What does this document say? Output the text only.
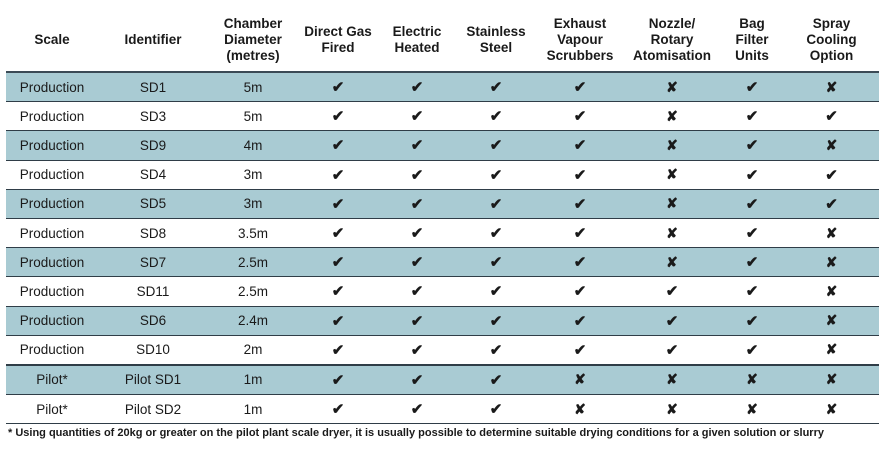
Scale	Identifier	Chamber Diameter (metres)	Direct Gas Fired	Electric Heated	Stainless Steel	Exhaust Vapour Scrubbers	Nozzle/ Rotary Atomisation	Bag Filter Units	Spray Cooling Option
Production	SD1	5m	✔	✔	✔	✔	✘	✔	✘
Production	SD3	5m	✔	✔	✔	✔	✘	✔	✔
Production	SD9	4m	✔	✔	✔	✔	✘	✔	✘
Production	SD4	3m	✔	✔	✔	✔	✘	✔	✔
Production	SD5	3m	✔	✔	✔	✔	✘	✔	✔
Production	SD8	3.5m	✔	✔	✔	✔	✘	✔	✘
Production	SD7	2.5m	✔	✔	✔	✔	✘	✔	✘
Production	SD11	2.5m	✔	✔	✔	✔	✔	✔	✘
Production	SD6	2.4m	✔	✔	✔	✔	✔	✔	✘
Production	SD10	2m	✔	✔	✔	✔	✔	✔	✘
Pilot*	Pilot SD1	1m	✔	✔	✔	✘	✘	✘	✘
Pilot*	Pilot SD2	1m	✔	✔	✔	✘	✘	✘	✘
* Using quantities of 20kg or greater on the pilot plant scale dryer, it is usually possible to determine suitable drying conditions for a given solution or slurry
